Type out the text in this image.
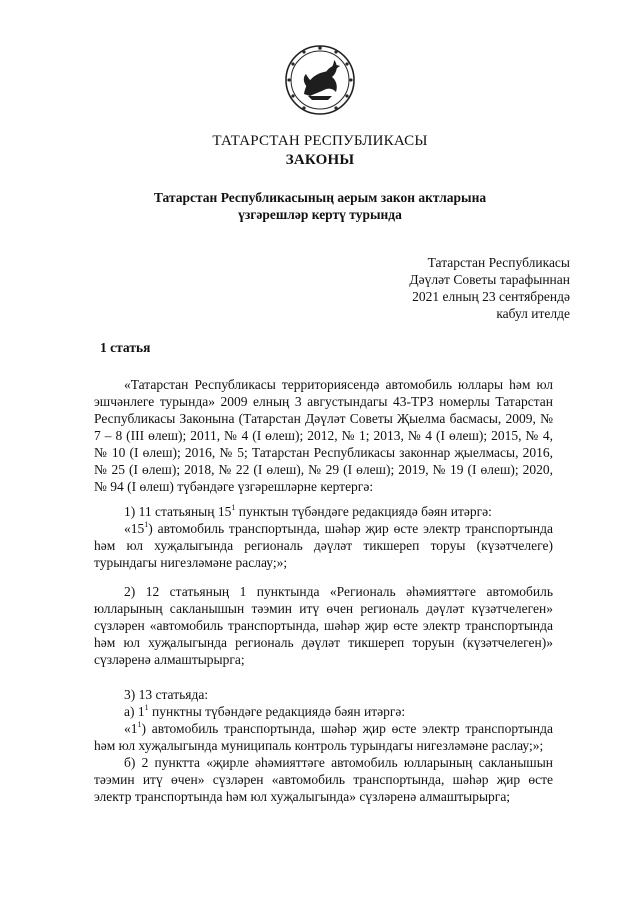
ТАТАРСТАН РЕСПУБЛИКАСЫ
ЗАКОНЫ
Татарстан Республикасының аерым закон актларына
үзгәрешләр кертү турында
Татарстан Республикасы
Дәүләт Советы тарафыннан
2021 елның 23 сентябрендә
кабул ителде
1 статья
«Татарстан Республикасы территориясендә автомобиль юллары һәм юл эшчәнлеге турында» 2009 елның 3 августындагы 43-ТРЗ номерлы Татарстан Республикасы Законына (Татарстан Дәүләт Советы Җыелма басмасы, 2009, № 7 – 8 (III өлеш); 2011, № 4 (I өлеш); 2012, № 1; 2013, № 4 (I өлеш); 2015, № 4, № 10 (I өлеш); 2016, № 5; Татарстан Республикасы законнар җыелмасы, 2016, № 25 (I өлеш); 2018, № 22 (I өлеш), № 29 (I өлеш); 2019, № 19 (I өлеш); 2020, № 94 (I өлеш) түбәндәге үзгәрешләрне кертергә:
1) 11 статьяның $15^1$ пунктын түбәндәге редакциядә бәян итәргә:
«$15^1$) автомобиль транспортында, шәһәр җир өсте электр транспортында һәм юл хуҗалыгында региональ дәүләт тикшереп торуы (күзәтчелеге) турындагы нигезләмәне раслау;»;
2) 12 статьяның 1 пунктында «Региональ әһәмияттәге автомобиль юлларының сакланышын тәэмин итү өчен региональ дәүләт күзәтчелеген» сүзләрен «автомобиль транспортында, шәһәр җир өсте электр транспортында һәм юл хуҗалыгында региональ дәүләт тикшереп торуын (күзәтчелеген)» сүзләренә алмаштырырга;
3) 13 статьяда:
а) $1^1$ пунктны түбәндәге редакциядә бәян итәргә:
«$1^1$) автомобиль транспортында, шәһәр җир өсте электр транспортында һәм юл хуҗалыгында муниципаль контроль турындагы нигезләмәне раслау;»;
б) 2 пунктта «җирле әһәмияттәге автомобиль юлларының сакланышын тәэмин итү өчен» сүзләрен «автомобиль транспортында, шәһәр җир өсте электр транспортында һәм юл хуҗалыгында» сүзләренә алмаштырырга;
